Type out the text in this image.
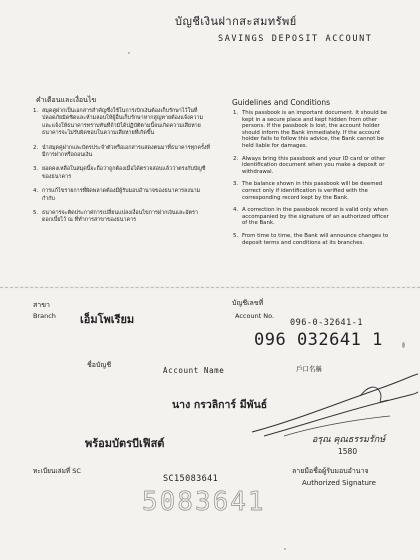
บัญชีเงินฝากสะสมทรัพย์
SAVINGS DEPOSIT ACCOUNT
คำเตือนและเงื่อนไข
1. สมุดคู่ฝากเป็นเอกสารสำคัญซึ่งใช้ในการเบิกเงินต้องเก็บรักษาไว้ในที่ปลอดภัยมิดชิดและห้ามลอบให้ผู้อื่นเก็บรักษาหากสูญหายต้องแจ้งความและแจ้งให้ธนาคารทราบทันทีถ้ามิได้ปฏิบัติตามนี้จนเกิดความเสียหายธนาคารจะไม่รับผิดชอบในความเสียหายที่เกิดขึ้น
2. นำสมุดคู่ฝากและบัตรประจำตัวหรือเอกสารแสดงตนมาที่ธนาคารทุกครั้งที่มีการฝากหรือถอนเงิน
3. ยอดคงเหลือในสมุดนี้จะถือว่าถูกต้องเมื่อได้ตรวจสอบแล้วว่าตรงกับบัญชีของธนาคาร
4. การแก้ไขรายการที่ผิดพลาดต้องมีผู้รับมอบอำนาจของธนาคารลงนามกำกับ
5. ธนาคารจะติดประกาศการเปลี่ยนแปลงเงื่อนไขการฝากเงินและอัตราดอกเบี้ยไว้ ณ ที่ทำการสาขาของธนาคาร
Guidelines and Conditions
1. This passbook is an important document. It should be kept in a secure place and kept hidden from other persons. If the passbook is lost, the account holder should inform the Bank immediately. If the account holder fails to follow this advice, the Bank cannot be held liable for damages.
2. Always bring this passbook and your ID card or other identification document when you make a deposit or withdrawal.
3. The balance shown in this passbook will be deemed correct only if identification is verified with the corresponding record kept by the Bank.
4. A correction in the passbook record is valid only when accompanied by the signature of an authorized officer of the Bank.
5. From time to time, the Bank will announce changes to deposit terms and conditions at its branches.
สาขา
Branch เอ็มโพเรียม
บัญชีเลขที่
Account No.
096-0-32641-1
096 032641 1
ชื่อบัญชี
Account Name	戶口名稱
นาง กรวลิการ์ มีพันธ์
พร้อมบัตรบีเฟิสต์	อรุณ คุณธรรมรักษ์
1580
ลายมือชื่อผู้รับมอบอำนาจ
Authorized Signature
ทะเบียนเล่มที่ SC
SC15083641
5083641
